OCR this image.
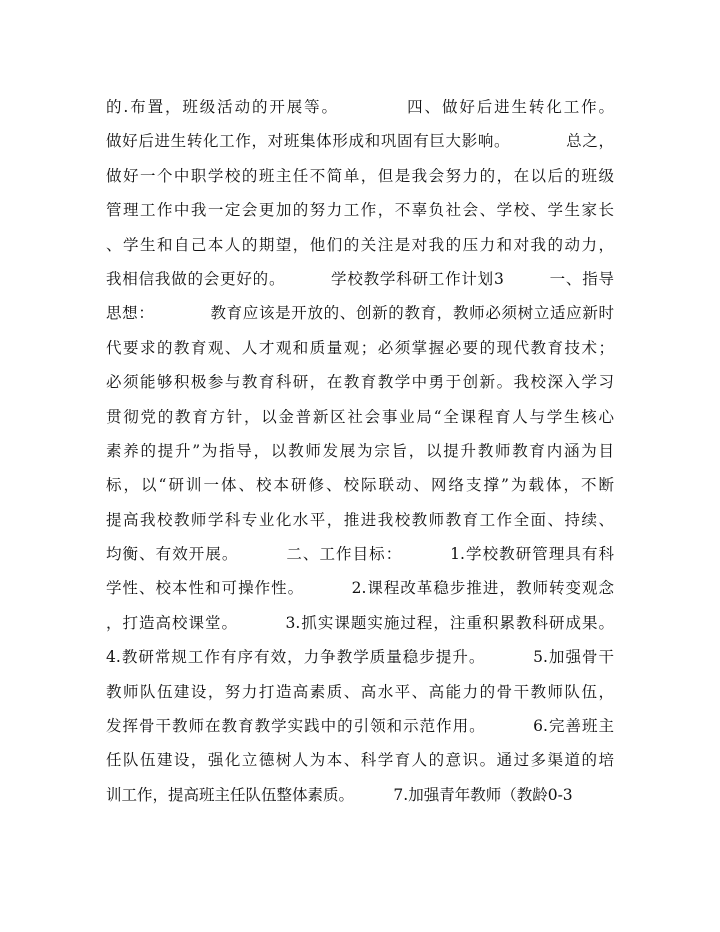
的.布置，班级活动的开展等。          四、做好后进生转化工作。
做好后进生转化工作，对班集体形成和巩固有巨大影响。          总之，
做好一个中职学校的班主任不简单，但是我会努力的，在以后的班级
管理工作中我一定会更加的努力工作，不辜负社会、学校、学生家长
、学生和自己本人的期望，他们的关注是对我的压力和对我的动力，
我相信我做的会更好的。        学校教学科研工作计划3        一、指导
思想：          教育应该是开放的、创新的教育，教师必须树立适应新时
代要求的教育观、人才观和质量观；必须掌握必要的现代教育技术；
必须能够积极参与教育科研，在教育教学中勇于创新。我校深入学习
贯彻党的教育方针，以金普新区社会事业局“全课程育人与学生核心
素养的提升”为指导，以教师发展为宗旨，以提升教师教育内涵为目
标，以“研训一体、校本研修、校际联动、网络支撑”为载体，不断
提高我校教师学科专业化水平，推进我校教师教育工作全面、持续、
均衡、有效开展。        二、工作目标：        1.学校教研管理具有科
学性、校本性和可操作性。        2.课程改革稳步推进，教师转变观念
，打造高校课堂。        3.抓实课题实施过程，注重积累教科研成果。
4.教研常规工作有序有效，力争教学质量稳步提升。        5.加强骨干
教师队伍建设，努力打造高素质、高水平、高能力的骨干教师队伍，
发挥骨干教师在教育教学实践中的引领和示范作用。        6.完善班主
任队伍建设，强化立德树人为本、科学育人的意识。通过多渠道的培
训工作，提高班主任队伍整体素质。        7.加强青年教师（教龄0-3
